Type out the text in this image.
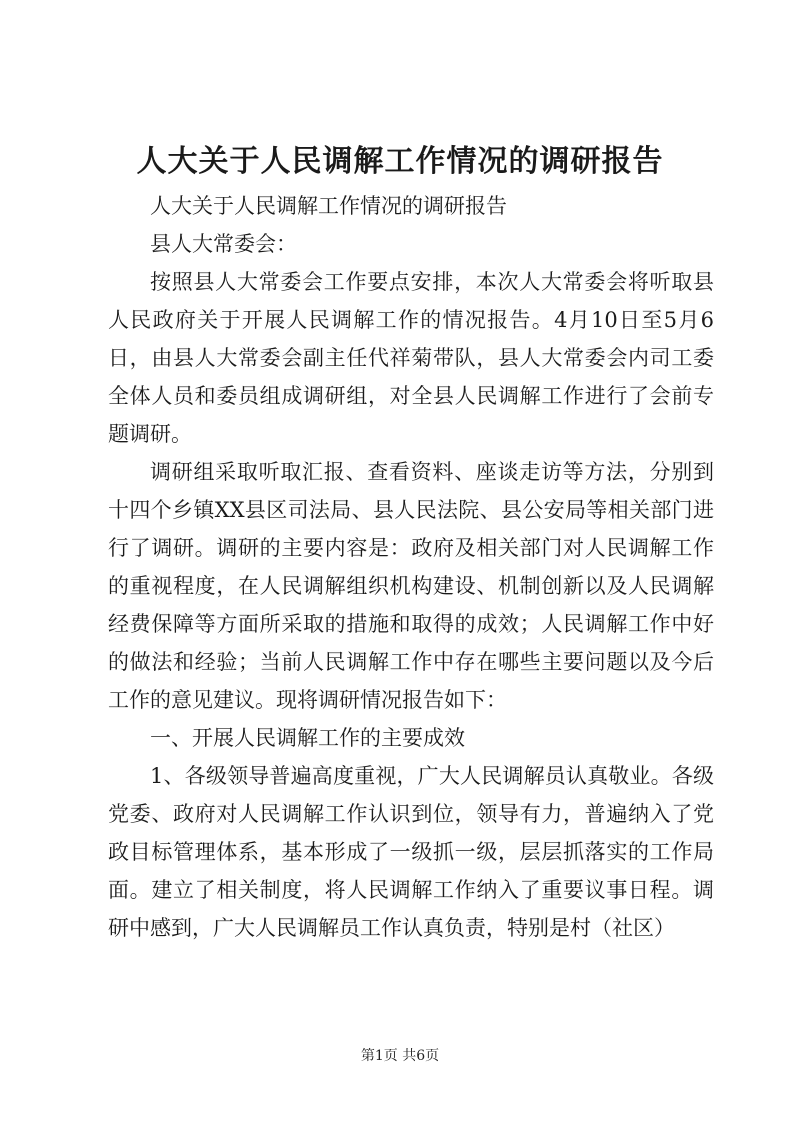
人大关于人民调解工作情况的调研报告

人大关于人民调解工作情况的调研报告

县人大常委会：

按照县人大常委会工作要点安排，本次人大常委会将听取县人民政府关于开展人民调解工作的情况报告。4月10日至5月6日，由县人大常委会副主任代祥菊带队，县人大常委会内司工委全体人员和委员组成调研组，对全县人民调解工作进行了会前专题调研。

调研组采取听取汇报、查看资料、座谈走访等方法，分别到十四个乡镇XX县区司法局、县人民法院、县公安局等相关部门进行了调研。调研的主要内容是：政府及相关部门对人民调解工作的重视程度，在人民调解组织机构建设、机制创新以及人民调解经费保障等方面所采取的措施和取得的成效；人民调解工作中好的做法和经验；当前人民调解工作中存在哪些主要问题以及今后工作的意见建议。现将调研情况报告如下：

一、开展人民调解工作的主要成效

1、各级领导普遍高度重视，广大人民调解员认真敬业。各级党委、政府对人民调解工作认识到位，领导有力，普遍纳入了党政目标管理体系，基本形成了一级抓一级，层层抓落实的工作局面。建立了相关制度，将人民调解工作纳入了重要议事日程。调研中感到，广大人民调解员工作认真负责，特别是村（社区）

第1页 共6页
